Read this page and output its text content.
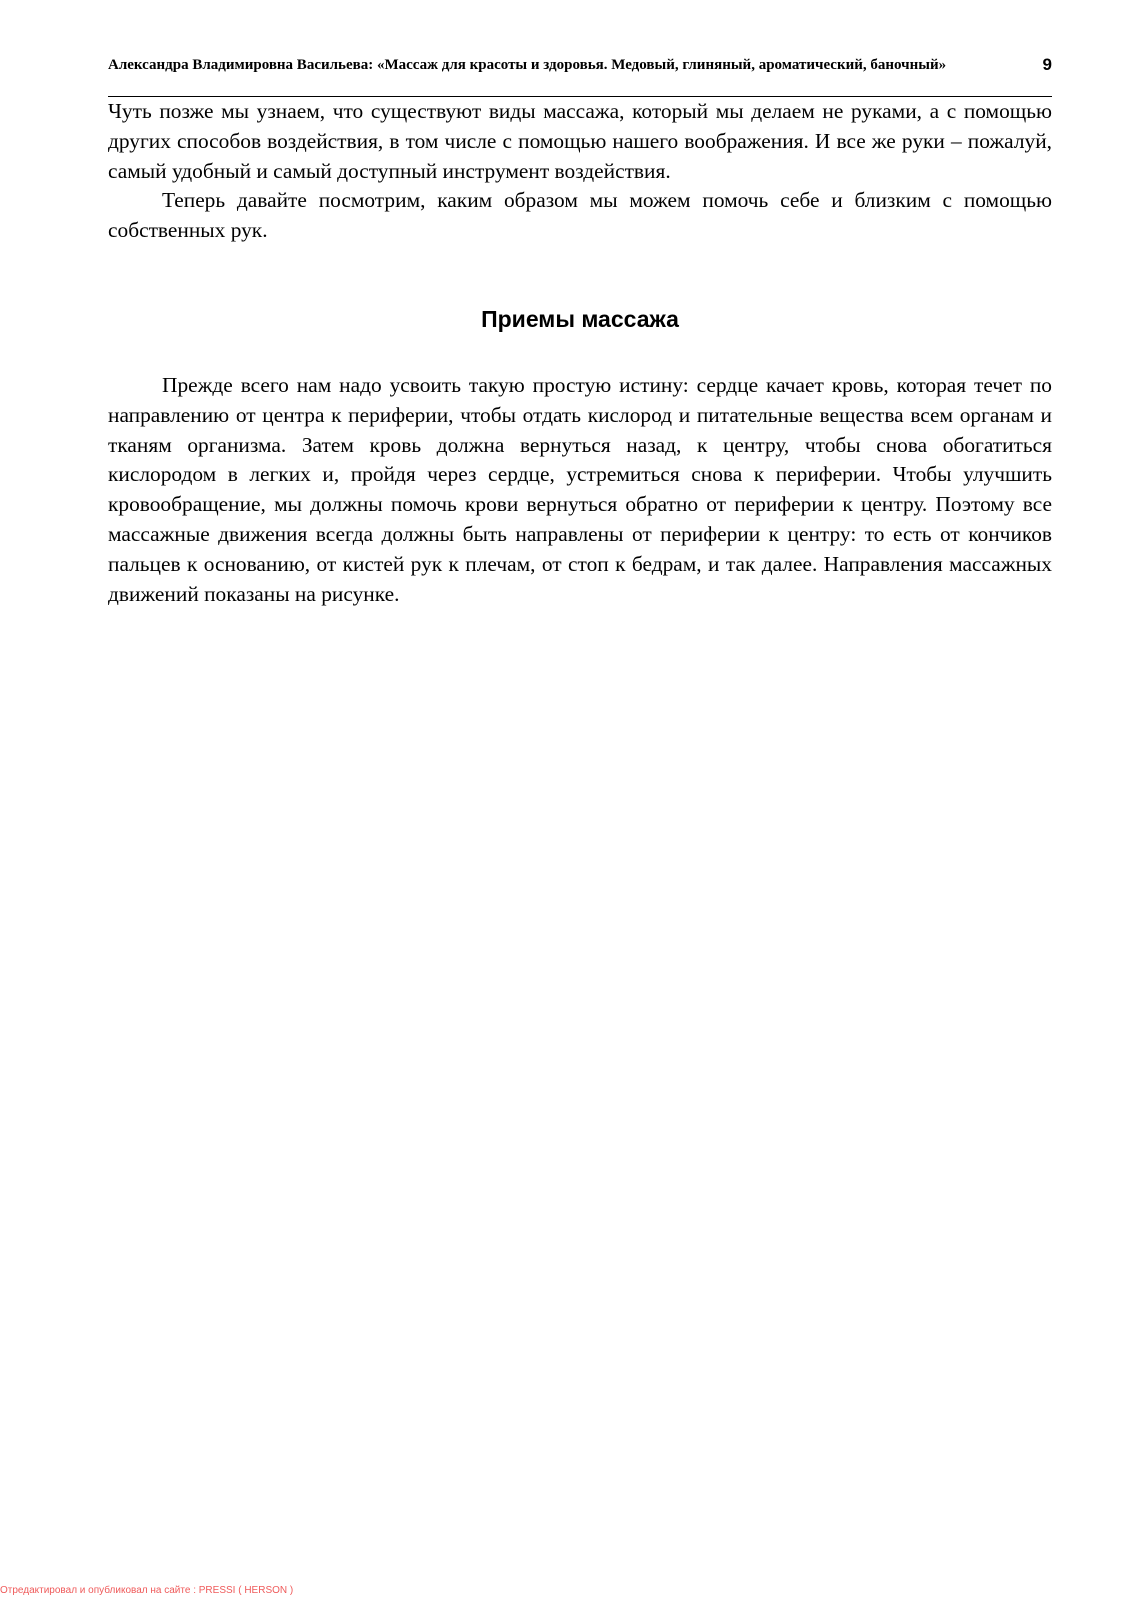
Александра Владимировна Васильева: «Массаж для красоты и здоровья. Медовый, глиняный, ароматический, баночный»	9

Чуть позже мы узнаем, что существуют виды массажа, который мы делаем не руками, а с помощью других способов воздействия, в том числе с помощью нашего воображения. И все же руки – пожалуй, самый удобный и самый доступный инструмент воздействия.

Теперь давайте посмотрим, каким образом мы можем помочь себе и близким с помощью собственных рук.

Приемы массажа

Прежде всего нам надо усвоить такую простую истину: сердце качает кровь, которая течет по направлению от центра к периферии, чтобы отдать кислород и питательные вещества всем органам и тканям организма. Затем кровь должна вернуться назад, к центру, чтобы снова обогатиться кислородом в легких и, пройдя через сердце, устремиться снова к периферии. Чтобы улучшить кровообращение, мы должны помочь крови вернуться обратно от периферии к центру. Поэтому все массажные движения всегда должны быть направлены от периферии к центру: то есть от кончиков пальцев к основанию, от кистей рук к плечам, от стоп к бедрам, и так далее. Направления массажных движений показаны на рисунке.

Отредактировал и опубликовал на сайте : PRESSI ( HERSON )
